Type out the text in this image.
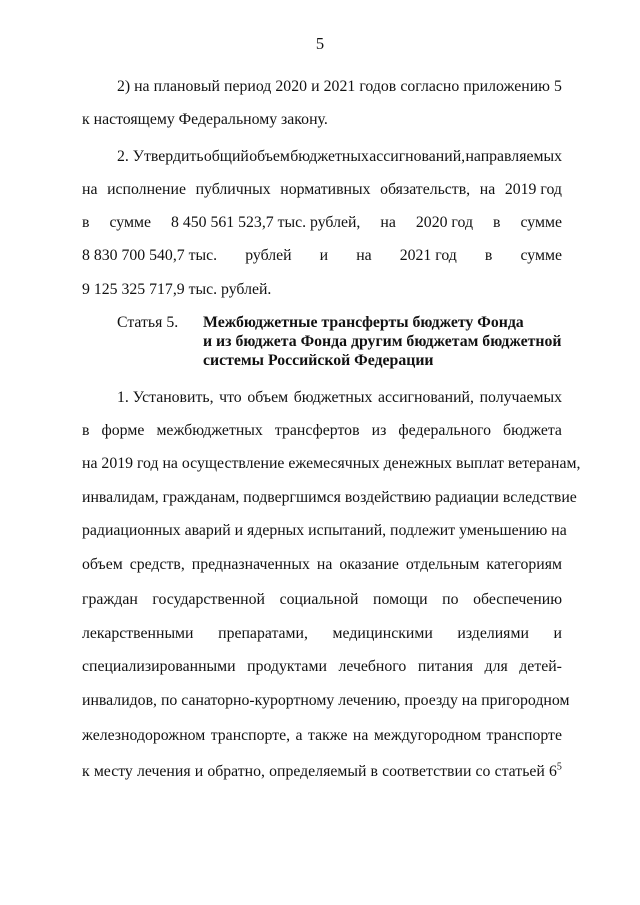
5
2) на плановый период 2020 и 2021 годов согласно приложению 5
к настоящему Федеральному закону.
2. Утвердить общий объем бюджетных ассигнований, направляемых
на исполнение публичных нормативных обязательств, на 2019 год
в сумме 8 450 561 523,7 тыс. рублей, на 2020 год в сумме
8 830 700 540,7 тыс. рублей и на 2021 год в сумме
9 125 325 717,9 тыс. рублей.
1. Установить, что объем бюджетных ассигнований, получаемых
в форме межбюджетных трансфертов из федерального бюджета
на 2019 год на осуществление ежемесячных денежных выплат ветеранам,
инвалидам, гражданам, подвергшимся воздействию радиации вследствие
радиационных аварий и ядерных испытаний, подлежит уменьшению на
объем средств, предназначенных на оказание отдельным категориям
граждан государственной социальной помощи по обеспечению
лекарственными препаратами, медицинскими изделиями и
специализированными продуктами лечебного питания для детей-
инвалидов, по санаторно-курортному лечению, проезду на пригородном
железнодорожном транспорте, а также на междугородном транспорте
к месту лечения и обратно, определяемый в соответствии со статьей $6^5$
Статья 5. Межбюджетные трансферты бюджету Фонда
и из бюджета Фонда другим бюджетам бюджетной
системы Российской Федерации
